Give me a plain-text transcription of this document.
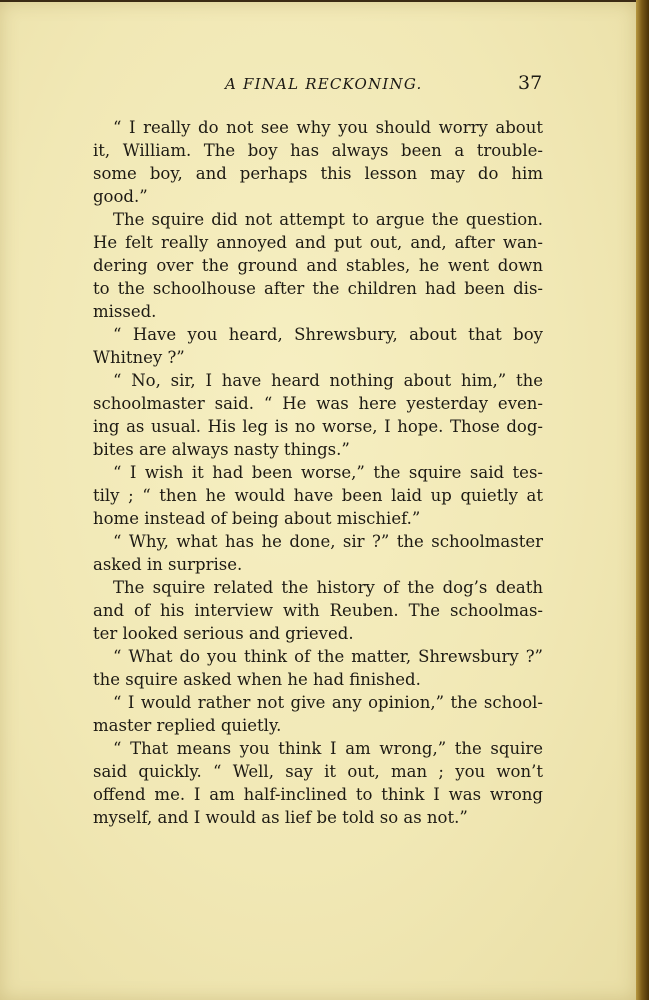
A FINAL RECKONING.	37
“ I really do not see why you should worry about
it, William. The boy has always been a trouble-
some boy, and perhaps this lesson may do him
good.”
The squire did not attempt to argue the question.
He felt really annoyed and put out, and, after wan-
dering over the ground and stables, he went down
to the schoolhouse after the children had been dis-
missed.
“ Have you heard, Shrewsbury, about that boy
Whitney ?”
“ No, sir, I have heard nothing about him,” the
schoolmaster said. “ He was here yesterday even-
ing as usual. His leg is no worse, I hope. Those dog-
bites are always nasty things.”
“ I wish it had been worse,” the squire said tes-
tily ; “ then he would have been laid up quietly at
home instead of being about mischief.”
“ Why, what has he done, sir ?” the schoolmaster
asked in surprise.
The squire related the history of the dog’s death
and of his interview with Reuben. The schoolmas-
ter looked serious and grieved.
“ What do you think of the matter, Shrewsbury ?”
the squire asked when he had finished.
“ I would rather not give any opinion,” the school-
master replied quietly.
“ That means you think I am wrong,” the squire
said quickly. “ Well, say it out, man ; you won’t
offend me. I am half-inclined to think I was wrong
myself, and I would as lief be told so as not.”
